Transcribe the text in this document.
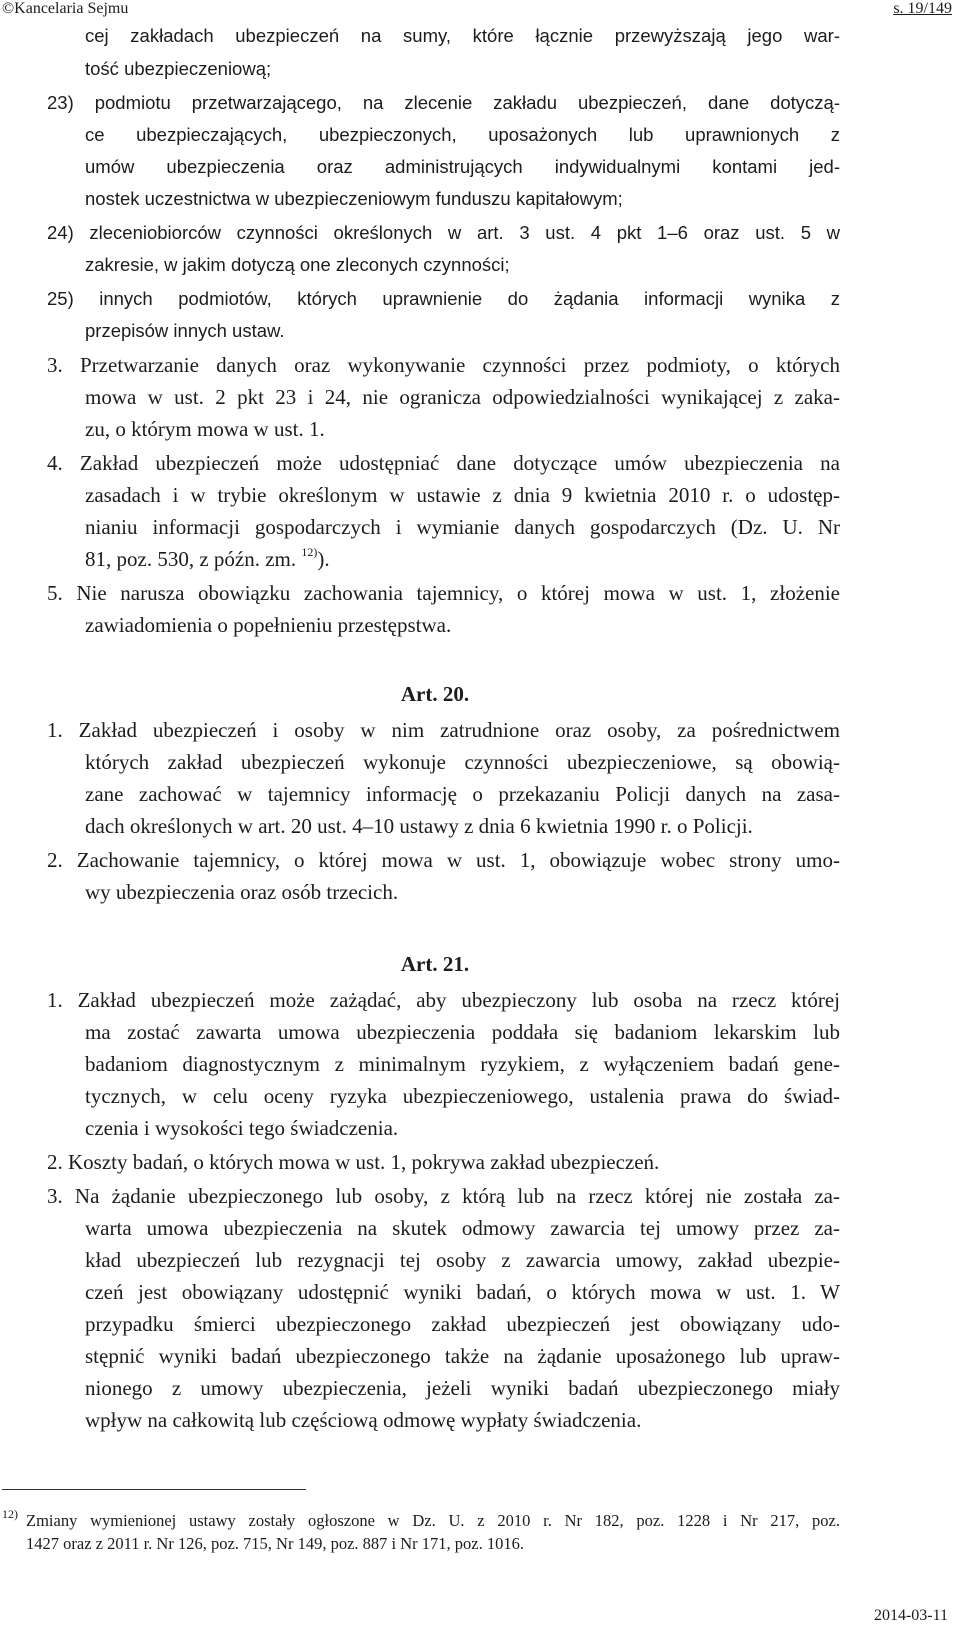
©Kancelaria Sejmu	s. 19/149
cej zakładach ubezpieczeń na sumy, które łącznie przewyższają jego war-
tość ubezpieczeniową;
23) podmiotu przetwarzającego, na zlecenie zakładu ubezpieczeń, dane dotyczą-
ce ubezpieczających, ubezpieczonych, uposażonych lub uprawnionych z
umów ubezpieczenia oraz administrujących indywidualnymi kontami jed-
nostek uczestnictwa w ubezpieczeniowym funduszu kapitałowym;
24) zleceniobiorców czynności określonych w art. 3 ust. 4 pkt 1–6 oraz ust. 5 w
zakresie, w jakim dotyczą one zleconych czynności;
25) innych podmiotów, których uprawnienie do żądania informacji wynika z
przepisów innych ustaw.
3. Przetwarzanie danych oraz wykonywanie czynności przez podmioty, o których
mowa w ust. 2 pkt 23 i 24, nie ogranicza odpowiedzialności wynikającej z zaka-
zu, o którym mowa w ust. 1.
4. Zakład ubezpieczeń może udostępniać dane dotyczące umów ubezpieczenia na
zasadach i w trybie określonym w ustawie z dnia 9 kwietnia 2010 r. o udostęp-
nianiu informacji gospodarczych i wymianie danych gospodarczych (Dz. U. Nr
81, poz. 530, z późn. zm. $^{12)}$).
5. Nie narusza obowiązku zachowania tajemnicy, o której mowa w ust. 1, złożenie
zawiadomienia o popełnieniu przestępstwa.
Art. 20.
1. Zakład ubezpieczeń i osoby w nim zatrudnione oraz osoby, za pośrednictwem
których zakład ubezpieczeń wykonuje czynności ubezpieczeniowe, są obowią-
zane zachować w tajemnicy informację o przekazaniu Policji danych na zasa-
dach określonych w art. 20 ust. 4–10 ustawy z dnia 6 kwietnia 1990 r. o Policji.
2. Zachowanie tajemnicy, o której mowa w ust. 1, obowiązuje wobec strony umo-
wy ubezpieczenia oraz osób trzecich.
Art. 21.
1. Zakład ubezpieczeń może zażądać, aby ubezpieczony lub osoba na rzecz której
ma zostać zawarta umowa ubezpieczenia poddała się badaniom lekarskim lub
badaniom diagnostycznym z minimalnym ryzykiem, z wyłączeniem badań gene-
tycznych, w celu oceny ryzyka ubezpieczeniowego, ustalenia prawa do świad-
czenia i wysokości tego świadczenia.
2. Koszty badań, o których mowa w ust. 1, pokrywa zakład ubezpieczeń.
3. Na żądanie ubezpieczonego lub osoby, z którą lub na rzecz której nie została za-
warta umowa ubezpieczenia na skutek odmowy zawarcia tej umowy przez za-
kład ubezpieczeń lub rezygnacji tej osoby z zawarcia umowy, zakład ubezpie-
czeń jest obowiązany udostępnić wyniki badań, o których mowa w ust. 1. W
przypadku śmierci ubezpieczonego zakład ubezpieczeń jest obowiązany udo-
stępnić wyniki badań ubezpieczonego także na żądanie uposażonego lub upraw-
nionego z umowy ubezpieczenia, jeżeli wyniki badań ubezpieczonego miały
wpływ na całkowitą lub częściową odmowę wypłaty świadczenia.
12) Zmiany wymienionej ustawy zostały ogłoszone w Dz. U. z 2010 r. Nr 182, poz. 1228 i Nr 217, poz.
1427 oraz z 2011 r. Nr 126, poz. 715, Nr 149, poz. 887 i Nr 171, poz. 1016.
2014-03-11
